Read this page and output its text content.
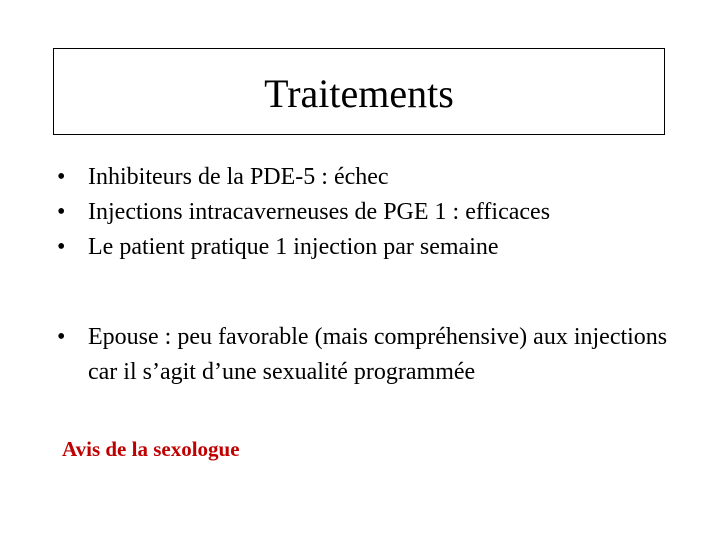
Traitements
• Inhibiteurs de la PDE-5 : échec
• Injections intracaverneuses de PGE 1 : efficaces
• Le patient pratique 1 injection par semaine
• Epouse : peu favorable (mais compréhensive) aux injections car il s’agit d’une sexualité programmée
Avis de la sexologue
